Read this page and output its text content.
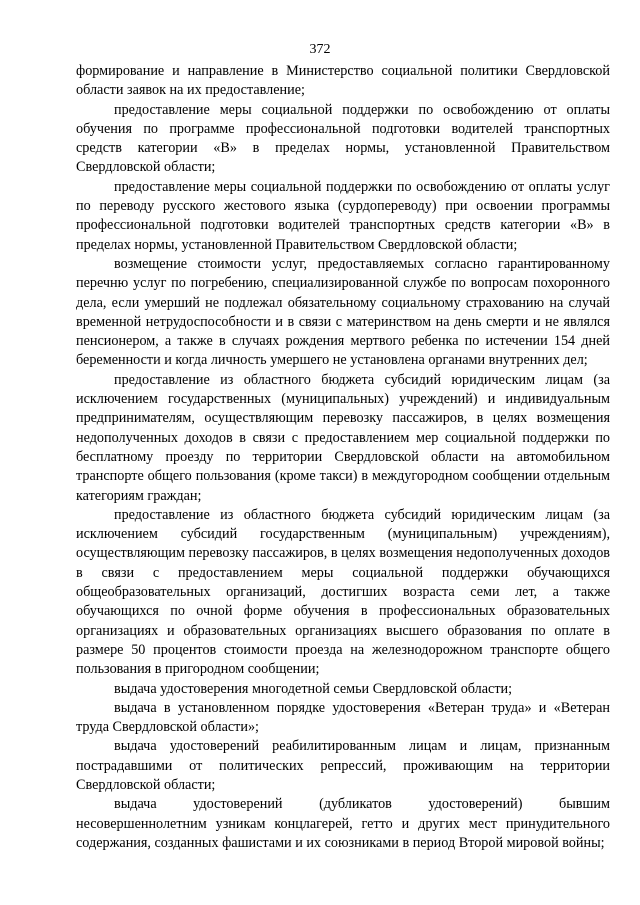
372

формирование и направление в Министерство социальной политики Свердловской области заявок на их предоставление;

предоставление меры социальной поддержки по освобождению от оплаты обучения по программе профессиональной подготовки водителей транспортных средств категории «В» в пределах нормы, установленной Правительством Свердловской области;

предоставление меры социальной поддержки по освобождению от оплаты услуг по переводу русского жестового языка (сурдопереводу) при освоении программы профессиональной подготовки водителей транспортных средств категории «В» в пределах нормы, установленной Правительством Свердловской области;

возмещение стоимости услуг, предоставляемых согласно гарантированному перечню услуг по погребению, специализированной службе по вопросам похоронного дела, если умерший не подлежал обязательному социальному страхованию на случай временной нетрудоспособности и в связи с материнством на день смерти и не являлся пенсионером, а также в случаях рождения мертвого ребенка по истечении 154 дней беременности и когда личность умершего не установлена органами внутренних дел;

предоставление из областного бюджета субсидий юридическим лицам (за исключением государственных (муниципальных) учреждений) и индивидуальным предпринимателям, осуществляющим перевозку пассажиров, в целях возмещения недополученных доходов в связи с предоставлением мер социальной поддержки по бесплатному проезду по территории Свердловской области на автомобильном транспорте общего пользования (кроме такси) в междугородном сообщении отдельным категориям граждан;

предоставление из областного бюджета субсидий юридическим лицам (за исключением субсидий государственным (муниципальным) учреждениям), осуществляющим перевозку пассажиров, в целях возмещения недополученных доходов в связи с предоставлением меры социальной поддержки обучающихся общеобразовательных организаций, достигших возраста семи лет, а также обучающихся по очной форме обучения в профессиональных образовательных организациях и образовательных организациях высшего образования по оплате в размере 50 процентов стоимости проезда на железнодорожном транспорте общего пользования в пригородном сообщении;

выдача удостоверения многодетной семьи Свердловской области;

выдача в установленном порядке удостоверения «Ветеран труда» и «Ветеран труда Свердловской области»;

выдача удостоверений реабилитированным лицам и лицам, признанным пострадавшими от политических репрессий, проживающим на территории Свердловской области;

выдача удостоверений (дубликатов удостоверений) бывшим несовершеннолетним узникам концлагерей, гетто и других мест принудительного содержания, созданных фашистами и их союзниками в период Второй мировой войны;
